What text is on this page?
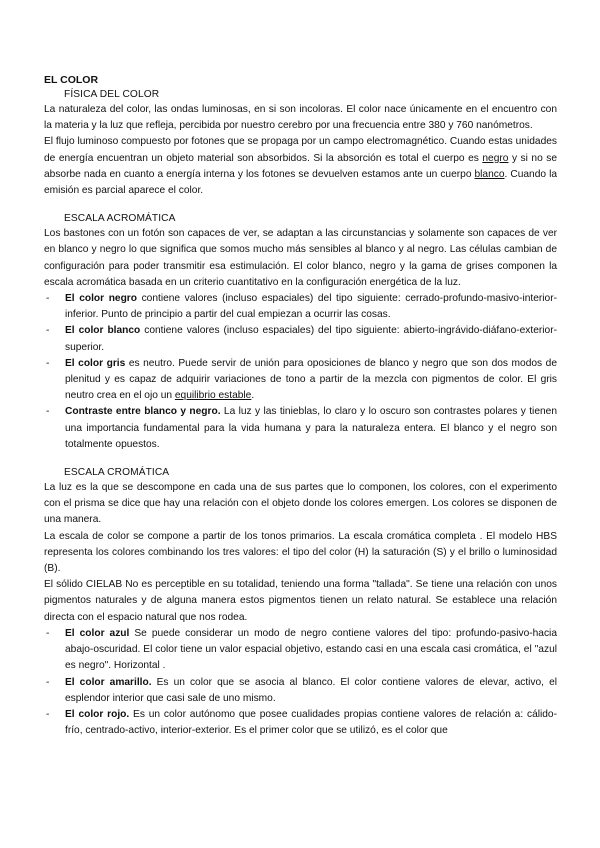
EL COLOR
FÍSICA DEL COLOR

La naturaleza del color, las ondas luminosas, en si son incoloras. El color nace únicamente en el encuentro con la materia y la luz que refleja, percibida por nuestro cerebro por una frecuencia entre 380 y 760 nanómetros.

El flujo luminoso compuesto por fotones que se propaga por un campo electromagnético. Cuando estas unidades de energía encuentran un objeto material son absorbidos. Si la absorción es total el cuerpo es negro y si no se absorbe nada en cuanto a energía interna y los fotones se devuelven estamos ante un cuerpo blanco. Cuando la emisión es parcial aparece el color.

ESCALA ACROMÁTICA

Los bastones con un fotón son capaces de ver, se adaptan a las circunstancias y solamente son capaces de ver en blanco y negro lo que significa que somos mucho más sensibles al blanco y al negro. Las células cambian de configuración para poder transmitir esa estimulación. El color blanco, negro y la gama de grises componen la escala acromática basada en un criterio cuantitativo en la configuración energética de la luz.

- El color negro contiene valores (incluso espaciales) del tipo siguiente: cerrado-profundo-masivo-interior- inferior. Punto de principio a partir del cual empiezan a ocurrir las cosas.
- El color blanco contiene valores (incluso espaciales) del tipo siguiente: abierto-ingrávido-diáfano-exterior-superior.
- El color gris es neutro. Puede servir de unión para oposiciones de blanco y negro que son dos modos de plenitud y es capaz de adquirir variaciones de tono a partir de la mezcla con pigmentos de color. El gris neutro crea en el ojo un equilibrio estable.
- Contraste entre blanco y negro. La luz y las tinieblas, lo claro y lo oscuro son contrastes polares y tienen una importancia fundamental para la vida humana y para la naturaleza entera. El blanco y el negro son totalmente opuestos.
ESCALA CROMÁTICA

La luz es la que se descompone en cada una de sus partes que lo componen, los colores, con el experimento con el prisma se dice que hay una relación con el objeto donde los colores emergen. Los colores se disponen de una manera.

La escala de color se compone a partir de los tonos primarios. La escala cromática completa . El modelo HBS representa los colores combinando los tres valores: el tipo del color (H) la saturación (S) y el brillo o luminosidad (B).

El sólido CIELAB No es perceptible en su totalidad, teniendo una forma "tallada". Se tiene una relación con unos pigmentos naturales y de alguna manera estos pigmentos tienen un relato natural. Se establece una relación directa con el espacio natural que nos rodea.

- El color azul Se puede considerar un modo de negro contiene valores del tipo: profundo-pasivo-hacia abajo-oscuridad. El color tiene un valor espacial objetivo, estando casi en una escala casi cromática, el "azul es negro". Horizontal .
- El color amarillo. Es un color que se asocia al blanco. El color contiene valores de elevar, activo, el esplendor interior que casi sale de uno mismo.
- El color rojo. Es un color autónomo que posee cualidades propias contiene valores de relación a: cálido-frío, centrado-activo, interior-exterior. Es el primer color que se utilizó, es el color que
